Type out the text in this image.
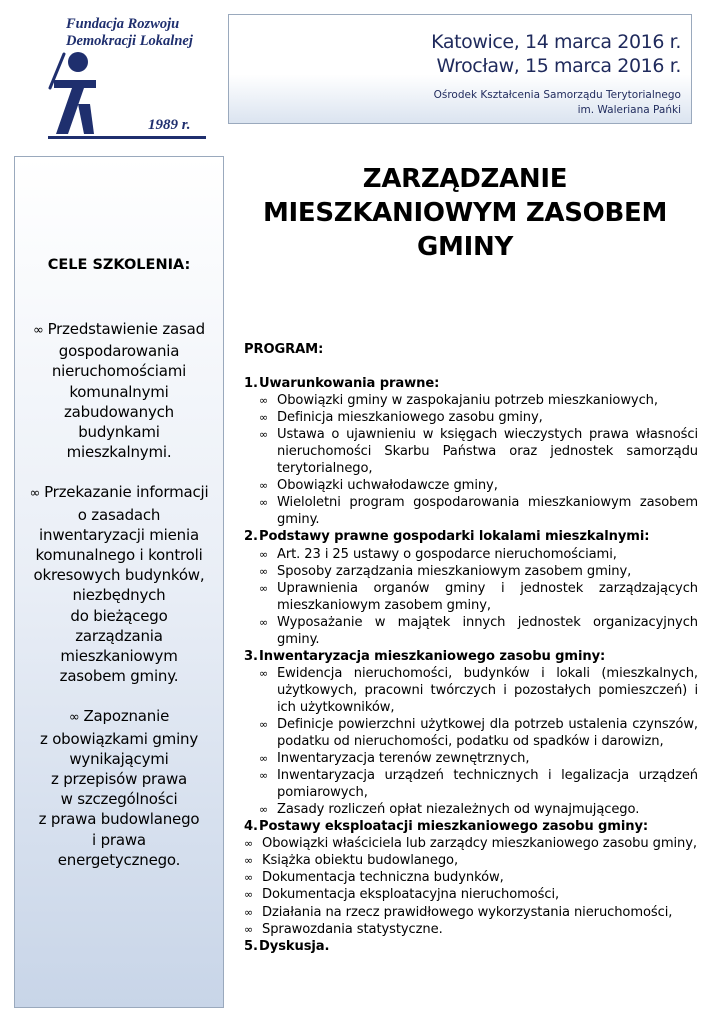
Fundacja Rozwoju
Demokracji Lokalnej
1989 r.
Katowice, 14 marca 2016 r.
Wrocław, 15 marca 2016 r.
Ośrodek Kształcenia Samorządu Terytorialnego
im. Waleriana Pańki
CELE SZKOLENIA:
∞ Przedstawienie zasad
gospodarowania
nieruchomościami
komunalnymi
zabudowanych
budynkami
mieszkalnymi.
∞ Przekazanie informacji
o zasadach
inwentaryzacji mienia
komunalnego i kontroli
okresowych budynków,
niezbędnych
do bieżącego
zarządzania
mieszkaniowym
zasobem gminy.
∞ Zapoznanie
z obowiązkami gminy
wynikającymi
z przepisów prawa
w szczególności
z prawa budowlanego
i prawa
energetycznego.
ZARZĄDZANIE
MIESZKANIOWYM ZASOBEM
GMINY
PROGRAM:
1. Uwarunkowania prawne:
∞ Obowiązki gminy w zaspokajaniu potrzeb mieszkaniowych,
∞ Definicja mieszkaniowego zasobu gminy,
∞ Ustawa o ujawnieniu w księgach wieczystych prawa własności nieruchomości Skarbu Państwa oraz jednostek samorządu terytorialnego,
∞ Obowiązki uchwałodawcze gminy,
∞ Wieloletni program gospodarowania mieszkaniowym zasobem gminy.
2. Podstawy prawne gospodarki lokalami mieszkalnymi:
∞ Art. 23 i 25 ustawy o gospodarce nieruchomościami,
∞ Sposoby zarządzania mieszkaniowym zasobem gminy,
∞ Uprawnienia organów gminy i jednostek zarządzających mieszkaniowym zasobem gminy,
∞ Wyposażanie w majątek innych jednostek organizacyjnych gminy.
3. Inwentaryzacja mieszkaniowego zasobu gminy:
∞ Ewidencja nieruchomości, budynków i lokali (mieszkalnych, użytkowych, pracowni twórczych i pozostałych pomieszczeń) i ich użytkowników,
∞ Definicje powierzchni użytkowej dla potrzeb ustalenia czynszów, podatku od nieruchomości, podatku od spadków i darowizn,
∞ Inwentaryzacja terenów zewnętrznych,
∞ Inwentaryzacja urządzeń technicznych i legalizacja urządzeń pomiarowych,
∞ Zasady rozliczeń opłat niezależnych od wynajmującego.
4. Postawy eksploatacji mieszkaniowego zasobu gminy:
∞ Obowiązki właściciela lub zarządcy mieszkaniowego zasobu gminy,
∞ Książka obiektu budowlanego,
∞ Dokumentacja techniczna budynków,
∞ Dokumentacja eksploatacyjna nieruchomości,
∞ Działania na rzecz prawidłowego wykorzystania nieruchomości,
∞ Sprawozdania statystyczne.
5. Dyskusja.
